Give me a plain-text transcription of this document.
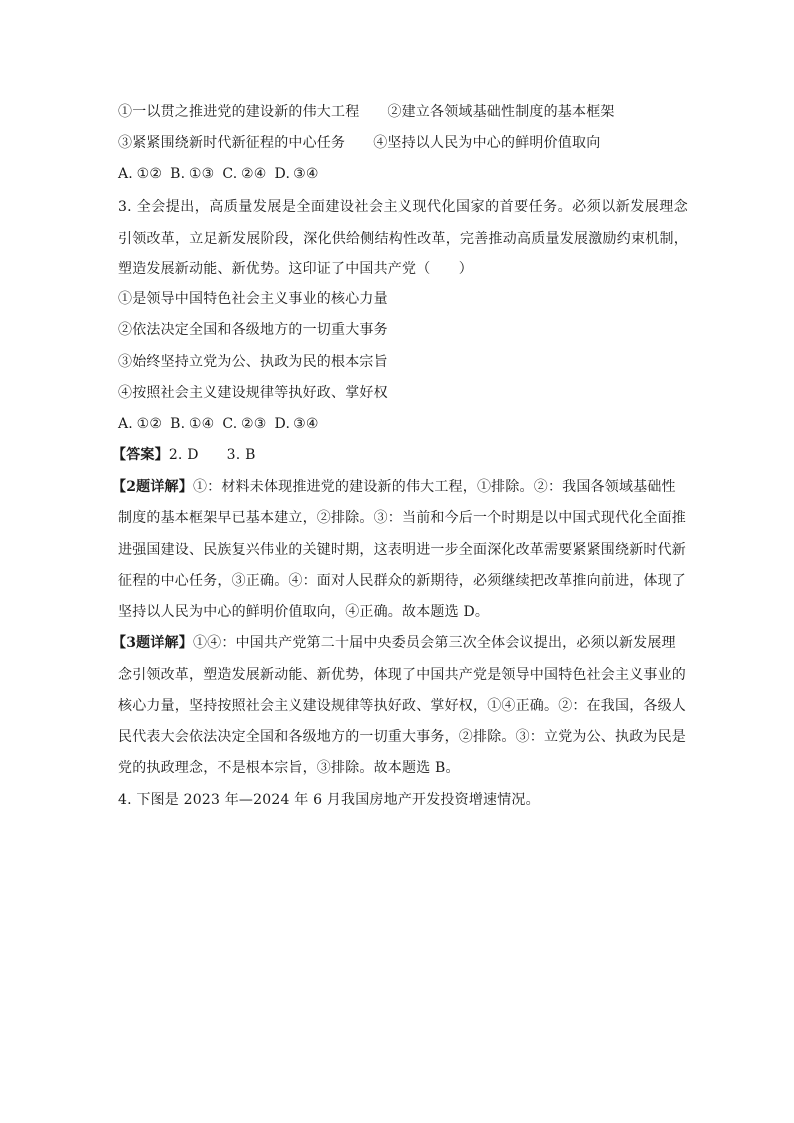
①一以贯之推进党的建设新的伟大工程 ②建立各领域基础性制度的基本框架
③紧紧围绕新时代新征程的中心任务 ④坚持以人民为中心的鲜明价值取向
A. ①② B. ①③ C. ②④ D. ③④
3. 全会提出，高质量发展是全面建设社会主义现代化国家的首要任务。必须以新发展理念
引领改革，立足新发展阶段，深化供给侧结构性改革，完善推动高质量发展激励约束机制，
塑造发展新动能、新优势。这印证了中国共产党（　　）
①是领导中国特色社会主义事业的核心力量
②依法决定全国和各级地方的一切重大事务
③始终坚持立党为公、执政为民的根本宗旨
④按照社会主义建设规律等执好政、掌好权
A. ①② B. ①④ C. ②③ D. ③④
【答案】2. D 3. B
【2题详解】①：材料未体现推进党的建设新的伟大工程，①排除。②：我国各领域基础性
制度的基本框架早已基本建立，②排除。③：当前和今后一个时期是以中国式现代化全面推
进强国建设、民族复兴伟业的关键时期，这表明进一步全面深化改革需要紧紧围绕新时代新
征程的中心任务，③正确。④：面对人民群众的新期待，必须继续把改革推向前进，体现了
坚持以人民为中心的鲜明价值取向，④正确。故本题选 D。
【3题详解】①④：中国共产党第二十届中央委员会第三次全体会议提出，必须以新发展理
念引领改革，塑造发展新动能、新优势，体现了中国共产党是领导中国特色社会主义事业的
核心力量，坚持按照社会主义建设规律等执好政、掌好权，①④正确。②：在我国，各级人
民代表大会依法决定全国和各级地方的一切重大事务，②排除。③：立党为公、执政为民是
党的执政理念，不是根本宗旨，③排除。故本题选 B。
4. 下图是 2023 年—2024 年 6 月我国房地产开发投资增速情况。
